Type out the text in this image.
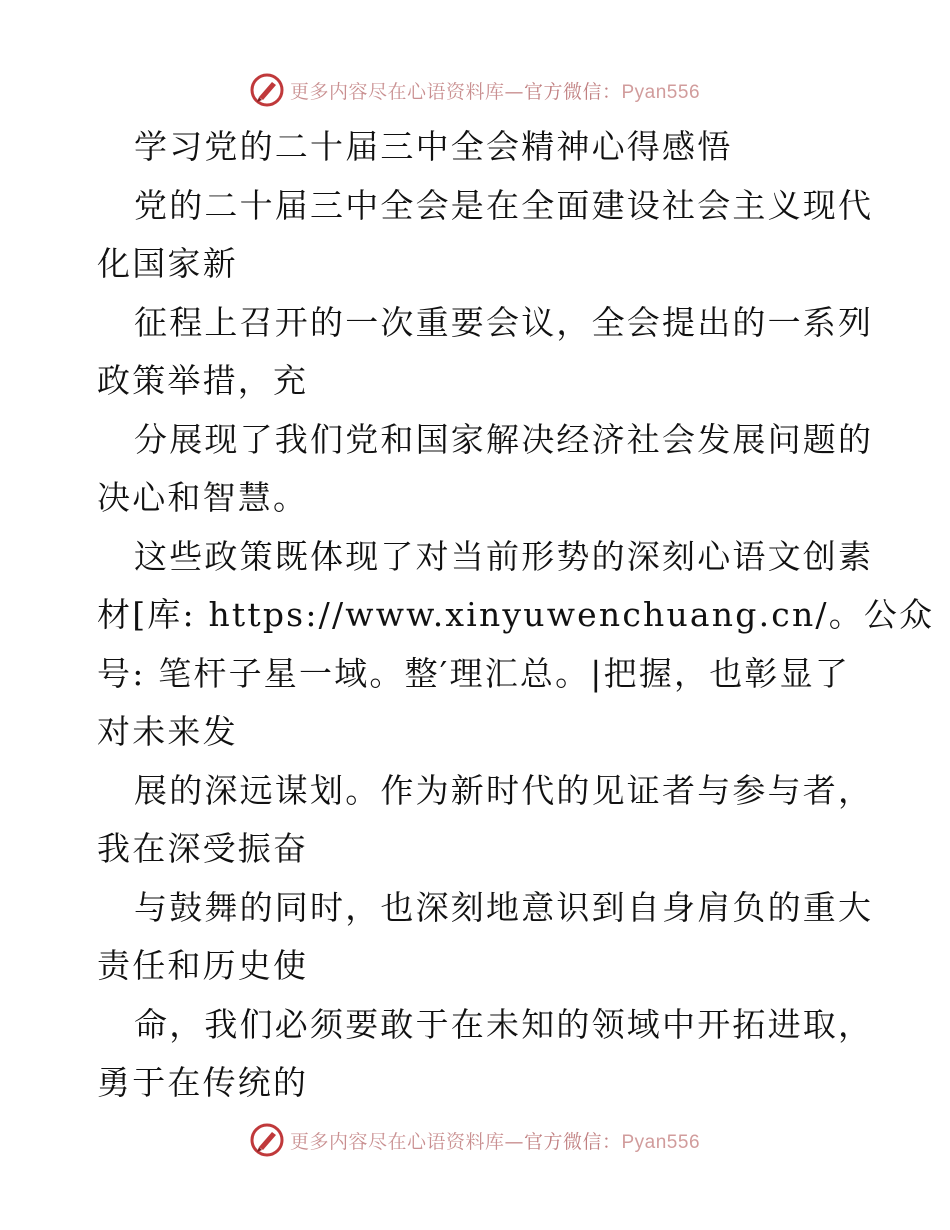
更多内容尽在心语资料库—官方微信：Pyan556
学习党的二十届三中全会精神心得感悟
党的二十届三中全会是在全面建设社会主义现代
化国家新
征程上召开的一次重要会议，全会提出的一系列
政策举措，充
分展现了我们党和国家解决经济社会发展问题的
决心和智慧。
这些政策既体现了对当前形势的深刻心语文创素
材[库: https://www.xinyuwenchuang.cn/。公众
号: 笔杆子星一域。整′理汇总。|把握，也彰显了
对未来发
展的深远谋划。作为新时代的见证者与参与者，
我在深受振奋
与鼓舞的同时，也深刻地意识到自身肩负的重大
责任和历史使
命，我们必须要敢于在未知的领域中开拓进取，
勇于在传统的
更多内容尽在心语资料库—官方微信：Pyan556
